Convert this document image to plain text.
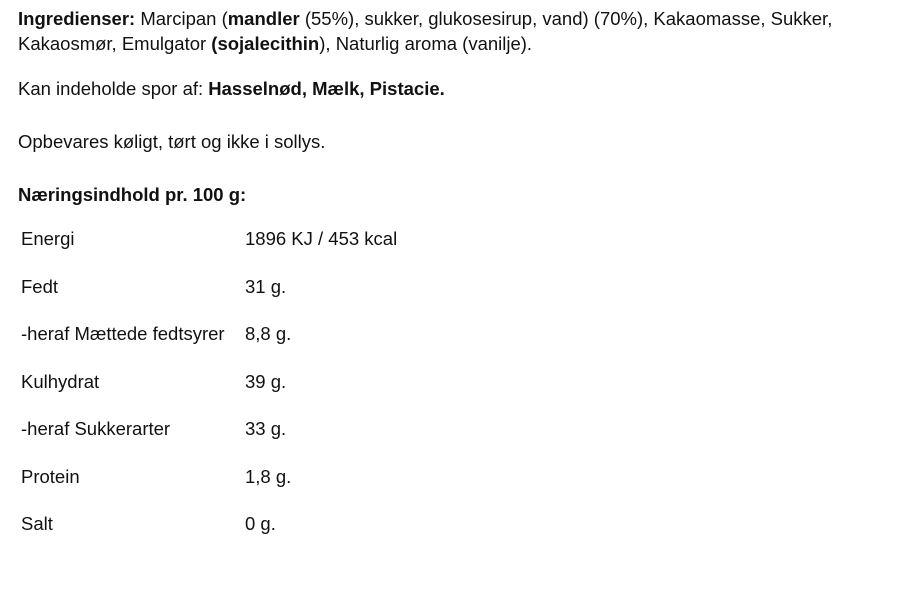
Ingredienser: Marcipan (mandler (55%), sukker, glukosesirup, vand) (70%), Kakaomasse, Sukker, Kakaosmør, Emulgator (sojalecithin), Naturlig aroma (vanilje).

Kan indeholde spor af: Hasselnød, Mælk, Pistacie.

Opbevares køligt, tørt og ikke i sollys.

Næringsindhold pr. 100 g:

Energi	1896 KJ / 453 kcal
Fedt	31 g.
-heraf Mættede fedtsyrer	8,8 g.
Kulhydrat	39 g.
-heraf Sukkerarter	33 g.
Protein	1,8 g.
Salt	0 g.
